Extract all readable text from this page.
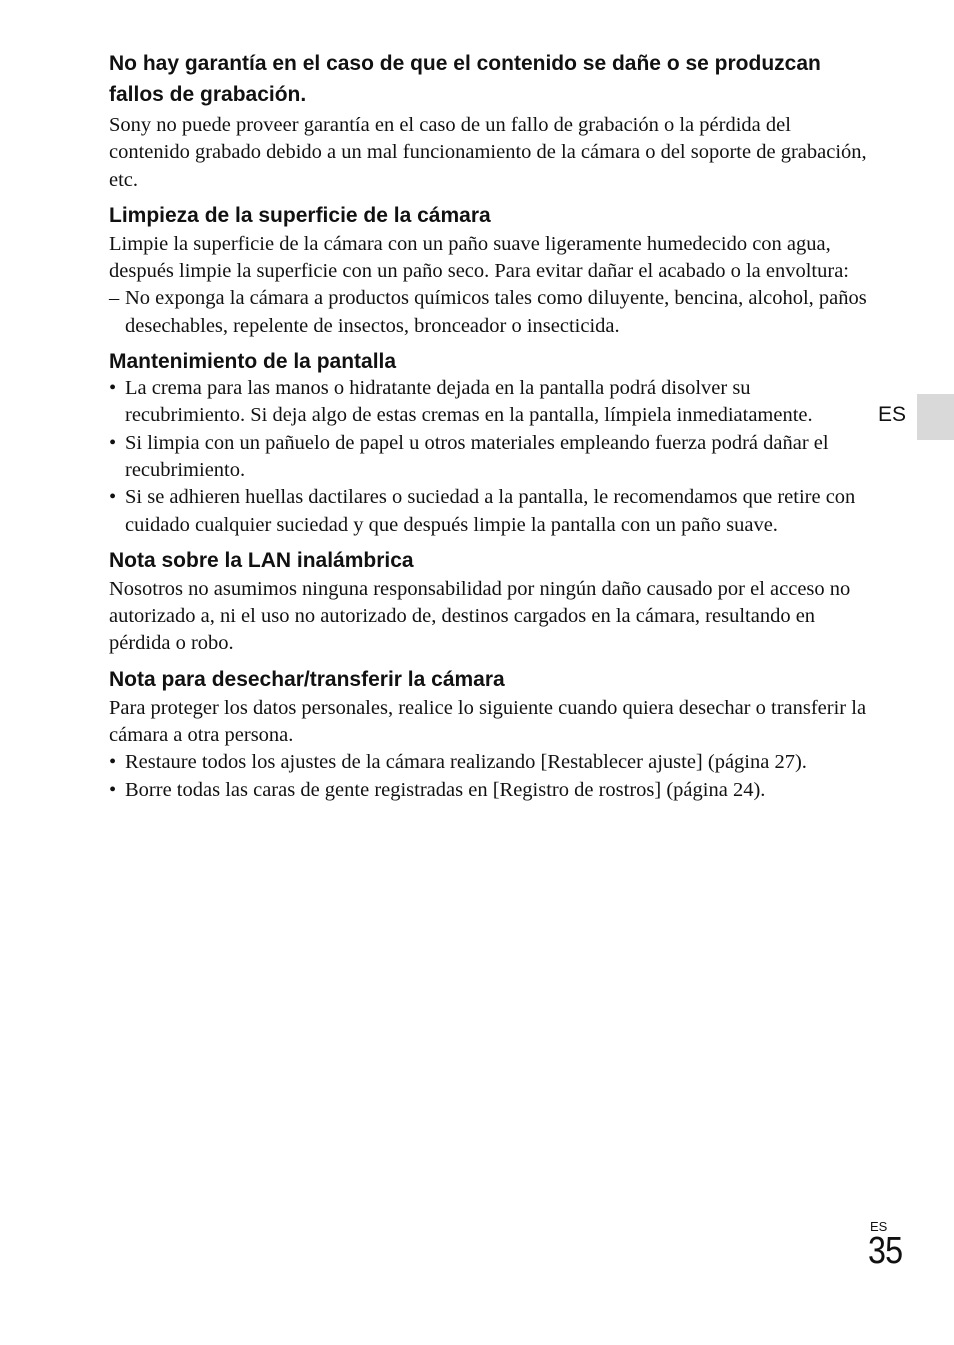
No hay garantía en el caso de que el contenido se dañe o se produzcan fallos de grabación.

Sony no puede proveer garantía en el caso de un fallo de grabación o la pérdida del contenido grabado debido a un mal funcionamiento de la cámara o del soporte de grabación, etc.

Limpieza de la superficie de la cámara

Limpie la superficie de la cámara con un paño suave ligeramente humedecido con agua, después limpie la superficie con un paño seco. Para evitar dañar el acabado o la envoltura:

– No exponga la cámara a productos químicos tales como diluyente, bencina, alcohol, paños desechables, repelente de insectos, bronceador o insecticida.
Mantenimiento de la pantalla
• La crema para las manos o hidratante dejada en la pantalla podrá disolver su recubrimiento. Si deja algo de estas cremas en la pantalla, límpiela inmediatamente.
• Si limpia con un pañuelo de papel u otros materiales empleando fuerza podrá dañar el recubrimiento.
• Si se adhieren huellas dactilares o suciedad a la pantalla, le recomendamos que retire con cuidado cualquier suciedad y que después limpie la pantalla con un paño suave.
Nota sobre la LAN inalámbrica

Nosotros no asumimos ninguna responsabilidad por ningún daño causado por el acceso no autorizado a, ni el uso no autorizado de, destinos cargados en la cámara, resultando en pérdida o robo.

Nota para desechar/transferir la cámara

Para proteger los datos personales, realice lo siguiente cuando quiera desechar o transferir la cámara a otra persona.

• Restaure todos los ajustes de la cámara realizando [Restablecer ajuste] (página 27).
• Borre todas las caras de gente registradas en [Registro de rostros] (página 24).
ES
ES
35
